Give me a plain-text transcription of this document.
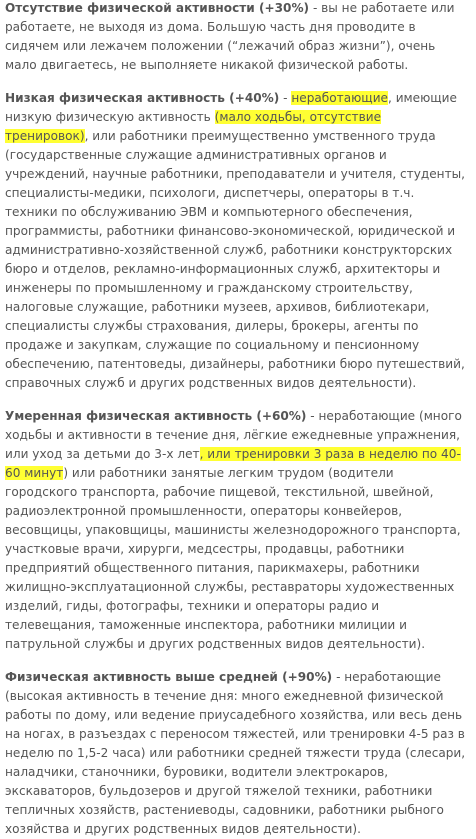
Отсутствие физической активности (+30%) - вы не работаете или работаете, не выходя из дома. Большую часть дня проводите в сидячем или лежачем положении (“лежачий образ жизни”), очень мало двигаетесь, не выполняете никакой физической работы.

Низкая физическая активность (+40%) - неработающие, имеющие низкую физическую активность (мало ходьбы, отсутствие тренировок), или работники преимущественно умственного труда (государственные служащие административных органов и учреждений, научные работники, преподаватели и учителя, студенты, специалисты-медики, психологи, диспетчеры, операторы в т.ч. техники по обслуживанию ЭВМ и компьютерного обеспечения, программисты, работники финансово-экономической, юридической и административно-хозяйственной служб, работники конструкторских бюро и отделов, рекламно-информационных служб, архитекторы и инженеры по промышленному и гражданскому строительству, налоговые служащие, работники музеев, архивов, библиотекари, специалисты службы страхования, дилеры, брокеры, агенты по продаже и закупкам, служащие по социальному и пенсионному обеспечению, патентоведы, дизайнеры, работники бюро путешествий, справочных служб и других родственных видов деятельности).

Умеренная физическая активность (+60%) - неработающие (много ходьбы и активности в течение дня, лёгкие ежедневные упражнения, или уход за детьми до 3-х лет, или тренировки 3 раза в неделю по 40-60 минут) или работники занятые легким трудом (водители городского транспорта, рабочие пищевой, текстильной, швейной, радиоэлектронной промышленности, операторы конвейеров, весовщицы, упаковщицы, машинисты железнодорожного транспорта, участковые врачи, хирурги, медсестры, продавцы, работники предприятий общественного питания, парикмахеры, работники жилищно-эксплуатационной службы, реставраторы художественных изделий, гиды, фотографы, техники и операторы радио и телевещания, таможенные инспектора, работники милиции и патрульной службы и других родственных видов деятельности).

Физическая активность выше средней (+90%) - неработающие (высокая активность в течение дня: много ежедневной физической работы по дому, или ведение приусадебного хозяйства, или весь день на ногах, в разъездах с переносом тяжестей, или тренировки 4-5 раз в неделю по 1,5-2 часа) или работники средней тяжести труда (слесари, наладчики, станочники, буровики, водители электрокаров, экскаваторов, бульдозеров и другой тяжелой техники, работники тепличных хозяйств, растениеводы, садовники, работники рыбного хозяйства и других родственных видов деятельности).
